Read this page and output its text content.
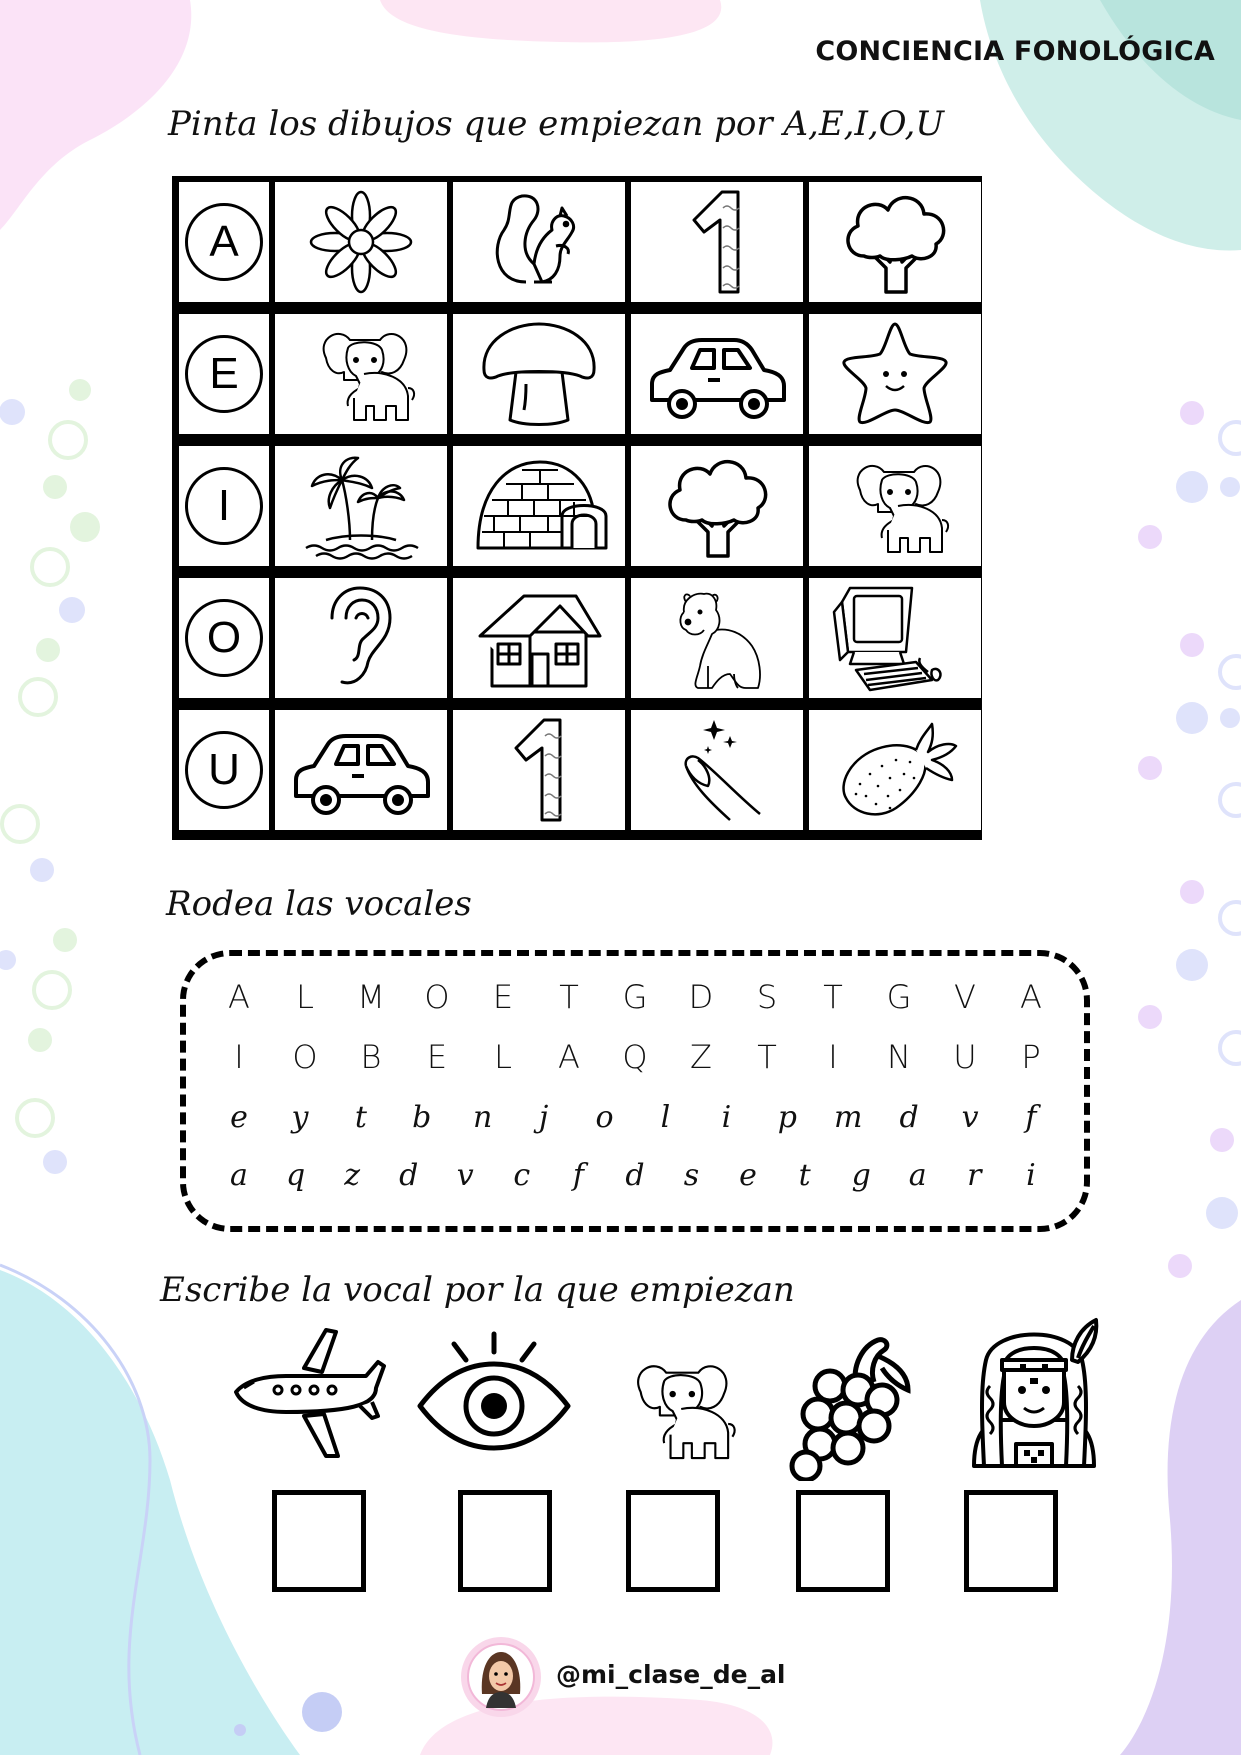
CONCIENCIA FONOLÓGICA
Pinta los dibujos que empiezan por A,E,I,O,U
A
E
I
O
U
Rodea las vocales
A	L	M	O	E	T	G	D	S	T	G	V	A
I	O	B	E	L	A	Q	Z	T	I	N	U	P
e	y	t	b	n	j	o	l	i	p	m	d	v	f
a	q	z	d	v	c	f	d	s	e	t	g	a	r	i
Escribe la vocal por la que empiezan
@mi_clase_de_al
